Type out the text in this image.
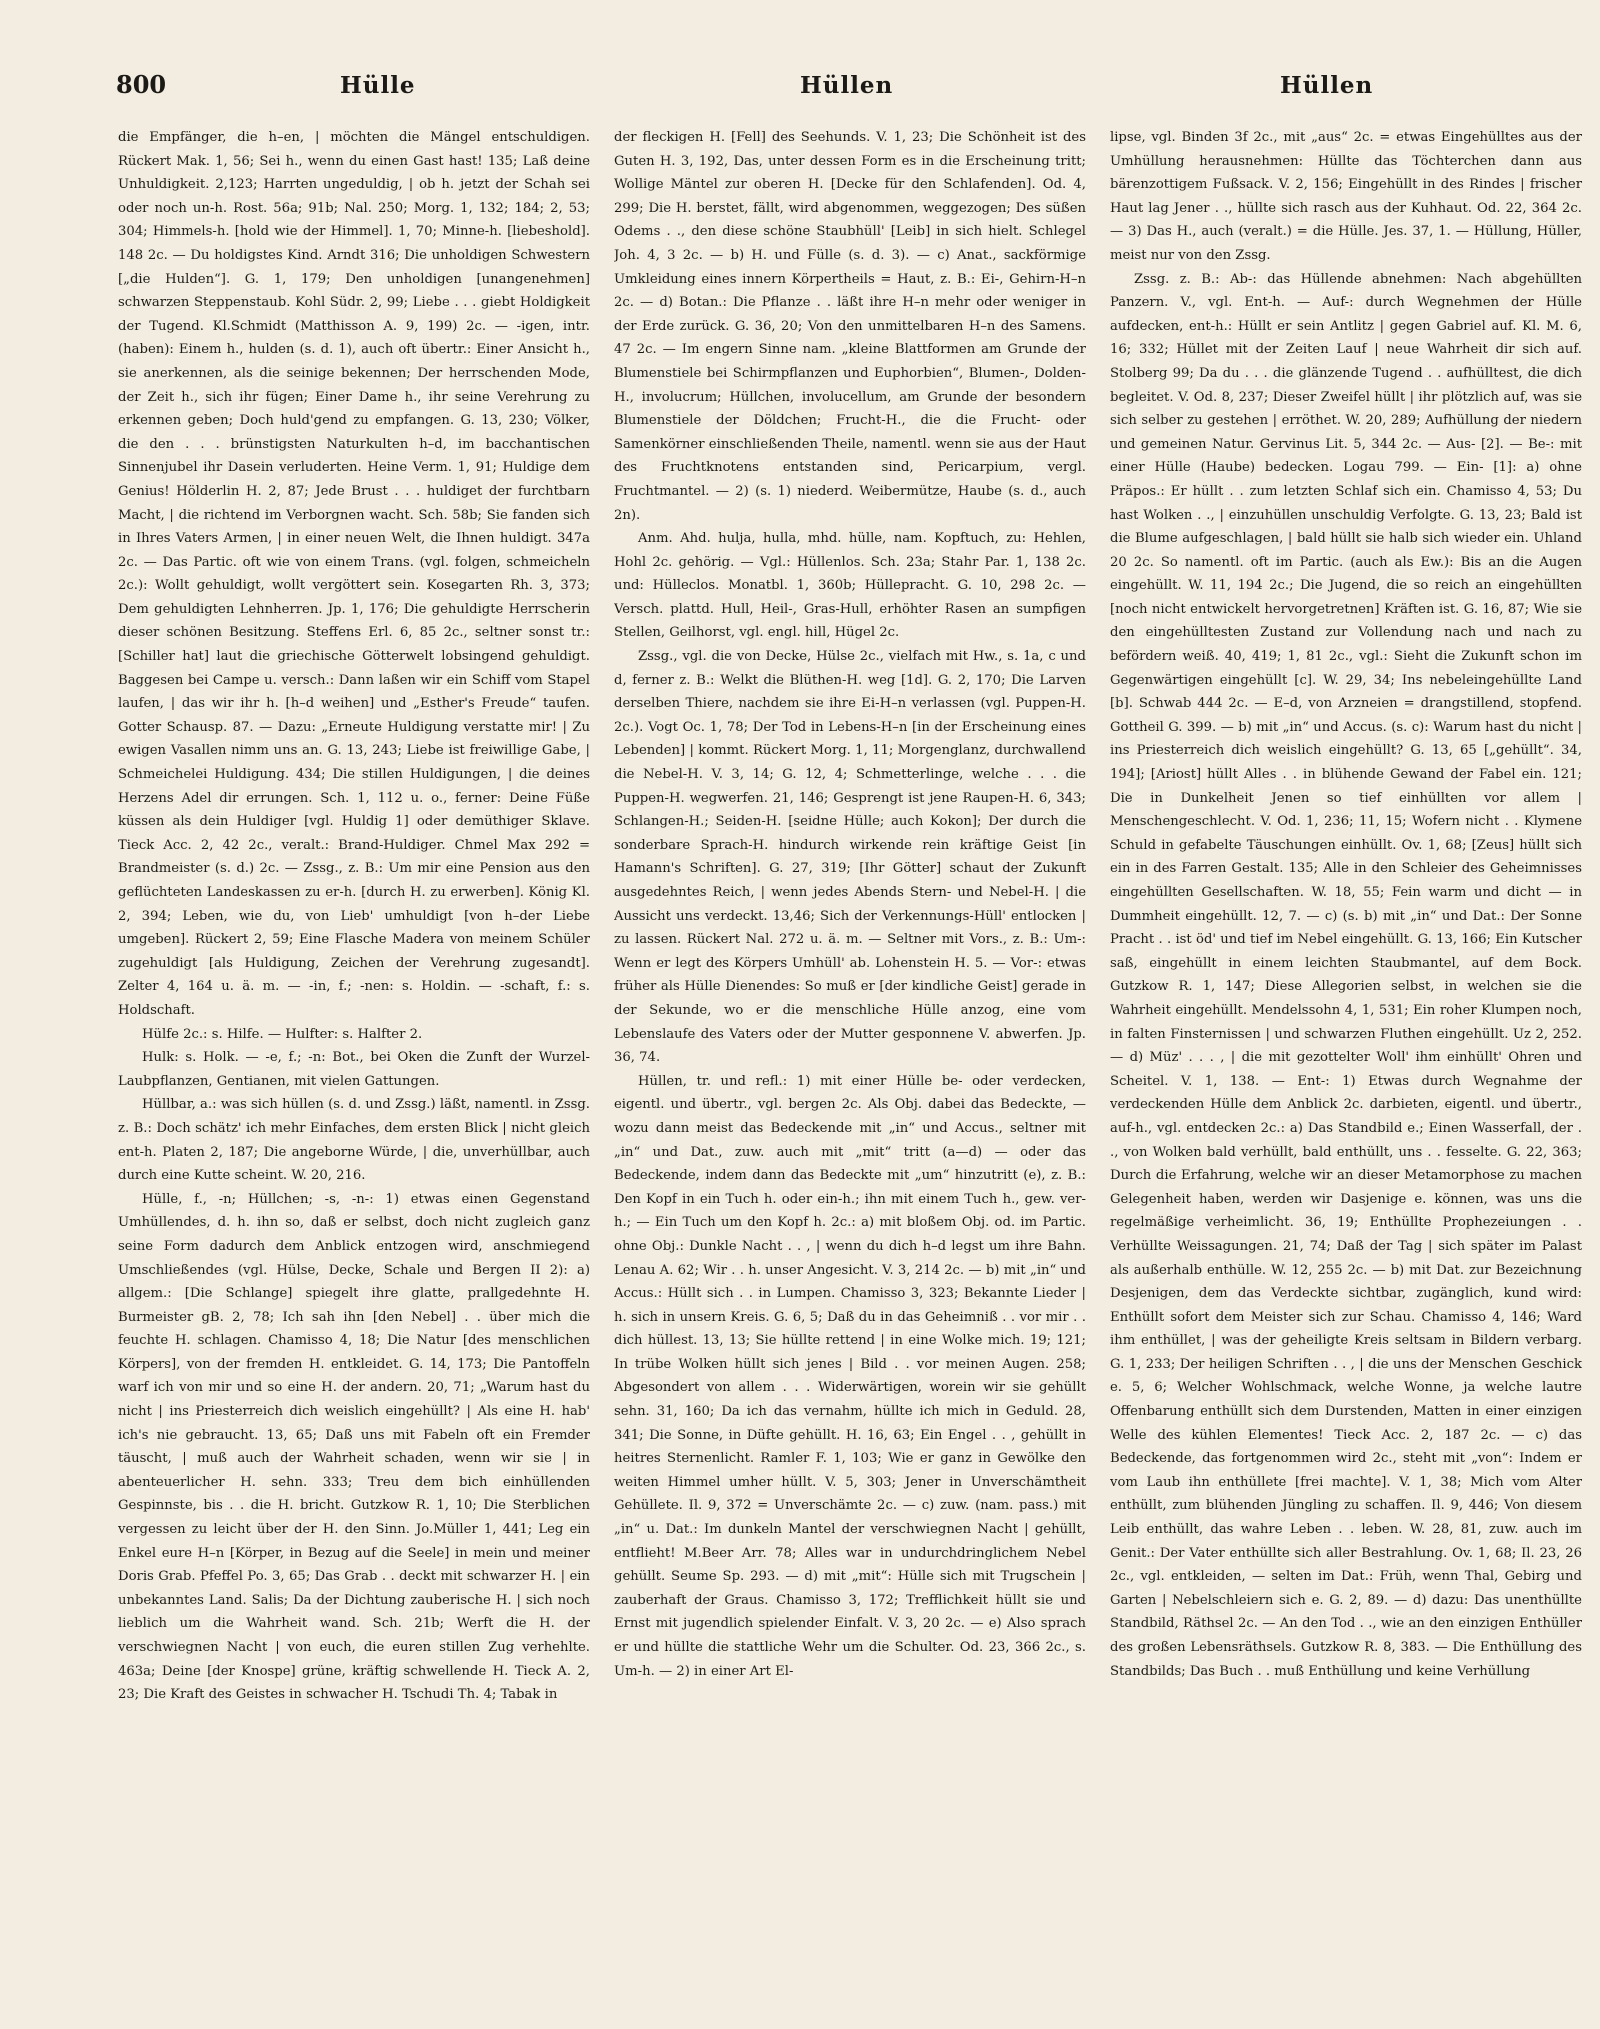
800	Hülle	Hüllen	Hüllen

die Empfänger, die h–en, | möchten die Mängel entschuldigen. Rückert Mak. 1, 56; Sei h., wenn du einen Gast hast! 135; Laß deine Unhuldigkeit. 2,123; Harrten ungeduldig, | ob h. jetzt der Schah sei oder noch un-h. Rost. 56a; 91b; Nal. 250; Morg. 1, 132; 184; 2, 53; 304; Himmels-h. [hold wie der Himmel]. 1, 70; Minne-h. [liebeshold]. 148 2c. — Du holdigstes Kind. Arndt 316; Die unholdigen Schwestern [„die Hulden“]. G. 1, 179; Den unholdigen [unangenehmen] schwarzen Steppenstaub. Kohl Südr. 2, 99; Liebe . . . giebt Holdigkeit der Tugend. Kl.Schmidt (Matthisson A. 9, 199) 2c. — -igen, intr.(haben): Einem h., hulden (s. d. 1), auch oft übertr.: Einer Ansicht h., sie anerkennen, als die seinige bekennen; Der herrschenden Mode, der Zeit h., sich ihr fügen; Einer Dame h., ihr seine Verehrung zu erkennen geben; Doch huld'gend zu empfangen. G. 13, 230; Völker, die den . . . brünstigsten Naturkulten h–d, im bacchantischen Sinnenjubel ihr Dasein verluderten. Heine Verm. 1, 91; Huldige dem Genius! Hölderlin H. 2, 87; Jede Brust . . . huldiget der furchtbarn Macht, | die richtend im Verborgnen wacht. Sch. 58b; Sie fanden sich in Ihres Vaters Armen, | in einer neuen Welt, die Ihnen huldigt. 347a 2c. — Das Partic. oft wie von einem Trans. (vgl. folgen, schmeicheln 2c.): Wollt gehuldigt, wollt vergöttert sein. Kosegarten Rh. 3, 373; Dem gehuldigten Lehnherren. Jp. 1, 176; Die gehuldigte Herrscherin dieser schönen Besitzung. Steffens Erl. 6, 85 2c., seltner sonst tr.: [Schiller hat] laut die griechische Götterwelt lobsingend gehuldigt. Baggesen bei Campe u. versch.: Dann laßen wir ein Schiff vom Stapel laufen, | das wir ihr h. [h–d weihen] und „Esther's Freude“ taufen. Gotter Schausp. 87. — Dazu: „Erneute Huldigung verstatte mir! | Zu ewigen Vasallen nimm uns an. G. 13, 243; Liebe ist freiwillige Gabe, | Schmeichelei Huldigung. 434; Die stillen Huldigungen, | die deines Herzens Adel dir errungen. Sch. 1, 112 u. o., ferner: Deine Füße küssen als dein Huldiger [vgl. Huldig 1] oder demüthiger Sklave. Tieck Acc. 2, 42 2c., veralt.: Brand-Huldiger. Chmel Max 292 = Brandmeister (s. d.) 2c. — Zssg., z. B.: Um mir eine Pension aus den geflüchteten Landeskassen zu er-h. [durch H. zu erwerben]. König Kl. 2, 394; Leben, wie du, von Lieb' umhuldigt [von h–der Liebe umgeben]. Rückert 2, 59; Eine Flasche Madera von meinem Schüler zugehuldigt [als Huldigung, Zeichen der Verehrung zugesandt]. Zelter 4, 164 u. ä. m. — -in, f.; -nen: s. Holdin. — -schaft, f.: s. Holdschaft.

Hülfe 2c.: s. Hilfe. — Hulfter: s. Halfter 2.

Hulk: s. Holk. — -e, f.; -n: Bot., bei Oken die Zunft der Wurzel-Laubpflanzen, Gentianen, mit vielen Gattungen.

Hüllbar, a.: was sich hüllen (s. d. und Zssg.) läßt, namentl. in Zssg. z. B.: Doch schätz' ich mehr Einfaches, dem ersten Blick | nicht gleich ent-h. Platen 2, 187; Die angeborne Würde, | die, unverhüllbar, auch durch eine Kutte scheint. W. 20, 216.

Hülle, f., -n; Hüllchen; -s, -n-: 1) etwas einen Gegenstand Umhüllendes, d. h. ihn so, daß er selbst, doch nicht zugleich ganz seine Form dadurch dem Anblick entzogen wird, anschmiegend Umschließendes (vgl. Hülse, Decke, Schale und Bergen II 2): a) allgem.: [Die Schlange] spiegelt ihre glatte, prallgedehnte H. Burmeister gB. 2, 78; Ich sah ihn [den Nebel] . . über mich die feuchte H. schlagen. Chamisso 4, 18; Die Natur [des menschlichen Körpers], von der fremden H. entkleidet. G. 14, 173; Die Pantoffeln warf ich von mir und so eine H. der andern. 20, 71; „Warum hast du nicht | ins Priesterreich dich weislich eingehüllt? | Als eine H. hab' ich's nie gebraucht. 13, 65; Daß uns mit Fabeln oft ein Fremder täuscht, | muß auch der Wahrheit schaden, wenn wir sie | in abenteuerlicher H. sehn. 333; Treu dem bich einhüllenden Gespinnste, bis . . die H. bricht. Gutzkow R. 1, 10; Die Sterblichen vergessen zu leicht über der H. den Sinn. Jo.Müller 1, 441; Leg ein Enkel eure H–n [Körper, in Bezug auf die Seele] in mein und meiner Doris Grab. Pfeffel Po. 3, 65; Das Grab . . deckt mit schwarzer H. | ein unbekanntes Land. Salis; Da der Dichtung zauberische H. | sich noch lieblich um die Wahrheit wand. Sch. 21b; Werft die H. der verschwiegnen Nacht | von euch, die euren stillen Zug verhehlte. 463a; Deine [der Knospe] grüne, kräftig schwellende H. Tieck A. 2, 23; Die Kraft des Geistes in schwacher H. Tschudi Th. 4; Tabak in

der fleckigen H. [Fell] des Seehunds. V. 1, 23; Die Schönheit ist des Guten H. 3, 192, Das, unter dessen Form es in die Erscheinung tritt; Wollige Mäntel zur oberen H. [Decke für den Schlafenden]. Od. 4, 299; Die H. berstet, fällt, wird abgenommen, weggezogen; Des süßen Odems . ., den diese schöne Staubhüll' [Leib] in sich hielt. Schlegel Joh. 4, 3 2c. — b) H. und Fülle (s. d. 3). — c) Anat., sackförmige Umkleidung eines innern Körpertheils = Haut, z. B.: Ei-, Gehirn-H–n 2c. — d) Botan.: Die Pflanze . . läßt ihre H–n mehr oder weniger in der Erde zurück. G. 36, 20; Von den unmittelbaren H–n des Samens. 47 2c. — Im engern Sinne nam. „kleine Blattformen am Grunde der Blumenstiele bei Schirmpflanzen und Euphorbien“, Blumen-, Dolden-H., involucrum; Hüllchen, involucellum, am Grunde der besondern Blumenstiele der Döldchen; Frucht-H., die die Frucht- oder Samenkörner einschließenden Theile, namentl. wenn sie aus der Haut des Fruchtknotens entstanden sind, Pericarpium, vergl. Fruchtmantel. — 2) (s. 1) niederd. Weibermütze, Haube (s. d., auch 2n).

Anm. Ahd. hulja, hulla, mhd. hülle, nam. Kopftuch, zu: Hehlen, Hohl 2c. gehörig. — Vgl.: Hüllenlos. Sch. 23a; Stahr Par. 1, 138 2c. und: Hülleclos. Monatbl. 1, 360b; Hüllepracht. G. 10, 298 2c. — Versch. plattd. Hull, Heil-, Gras-Hull, erhöhter Rasen an sumpfigen Stellen, Geilhorst, vgl. engl. hill, Hügel 2c.

Zssg., vgl. die von Decke, Hülse 2c., vielfach mit Hw., s. 1a, c und d, ferner z. B.: Welkt die Blüthen-H. weg [1d]. G. 2, 170; Die Larven derselben Thiere, nachdem sie ihre Ei-H–n verlassen (vgl. Puppen-H. 2c.). Vogt Oc. 1, 78; Der Tod in Lebens-H–n [in der Erscheinung eines Lebenden] | kommt. Rückert Morg. 1, 11; Morgenglanz, durchwallend die Nebel-H. V. 3, 14; G. 12, 4; Schmetterlinge, welche . . . die Puppen-H. wegwerfen. 21, 146; Gesprengt ist jene Raupen-H. 6, 343; Schlangen-H.; Seiden-H. [seidne Hülle; auch Kokon]; Der durch die sonderbare Sprach-H. hindurch wirkende rein kräftige Geist [in Hamann's Schriften]. G. 27, 319; [Ihr Götter] schaut der Zukunft ausgedehntes Reich, | wenn jedes Abends Stern- und Nebel-H. | die Aussicht uns verdeckt. 13,46; Sich der Verkennungs-Hüll' entlocken | zu lassen. Rückert Nal. 272 u. ä. m. — Seltner mit Vors., z. B.: Um-: Wenn er legt des Körpers Umhüll' ab. Lohenstein H. 5. — Vor-: etwas früher als Hülle Dienendes: So muß er [der kindliche Geist] gerade in der Sekunde, wo er die menschliche Hülle anzog, eine vom Lebenslaufe des Vaters oder der Mutter gesponnene V. abwerfen. Jp. 36, 74.

Hüllen, tr. und refl.: 1) mit einer Hülle be- oder verdecken, eigentl. und übertr., vgl. bergen 2c. Als Obj. dabei das Bedeckte, — wozu dann meist das Bedeckende mit „in“ und Accus., seltner mit „in“ und Dat., zuw. auch mit „mit“ tritt (a—d) — oder das Bedeckende, indem dann das Bedeckte mit „um“ hinzutritt (e), z. B.: Den Kopf in ein Tuch h. oder ein-h.; ihn mit einem Tuch h., gew. ver-h.; — Ein Tuch um den Kopf h. 2c.: a) mit bloßem Obj. od. im Partic. ohne Obj.: Dunkle Nacht . . , | wenn du dich h–d legst um ihre Bahn. Lenau A. 62; Wir . . h. unser Angesicht. V. 3, 214 2c. — b) mit „in“ und Accus.: Hüllt sich . . in Lumpen. Chamisso 3, 323; Bekannte Lieder | h. sich in unsern Kreis. G. 6, 5; Daß du in das Geheimniß . . vor mir . . dich hüllest. 13, 13; Sie hüllte rettend | in eine Wolke mich. 19; 121; In trübe Wolken hüllt sich jenes | Bild . . vor meinen Augen. 258; Abgesondert von allem . . . Widerwärtigen, worein wir sie gehüllt sehn. 31, 160; Da ich das vernahm, hüllte ich mich in Geduld. 28, 341; Die Sonne, in Düfte gehüllt. H. 16, 63; Ein Engel . . , gehüllt in heitres Sternenlicht. Ramler F. 1, 103; Wie er ganz in Gewölke den weiten Himmel umher hüllt. V. 5, 303; Jener in Unverschämtheit Gehüllete. Il. 9, 372 = Unverschämte 2c. — c) zuw. (nam. pass.) mit „in“ u. Dat.: Im dunkeln Mantel der verschwiegnen Nacht | gehüllt, entflieht! M.Beer Arr. 78; Alles war in undurchdringlichem Nebel gehüllt. Seume Sp. 293. — d) mit „mit“: Hülle sich mit Trugschein | zauberhaft der Graus. Chamisso 3, 172; Trefflichkeit hüllt sie und Ernst mit jugendlich spielender Einfalt. V. 3, 20 2c. — e) Also sprach er und hüllte die stattliche Wehr um die Schulter. Od. 23, 366 2c., s. Um-h. — 2) in einer Art El-

lipse, vgl. Binden 3f 2c., mit „aus“ 2c. = etwas Eingehülltes aus der Umhüllung herausnehmen: Hüllte das Töchterchen dann aus bärenzottigem Fußsack. V. 2, 156; Eingehüllt in des Rindes | frischer Haut lag Jener . ., hüllte sich rasch aus der Kuhhaut. Od. 22, 364 2c. — 3) Das H., auch (veralt.) = die Hülle. Jes. 37, 1. — Hüllung, Hüller, meist nur von den Zssg.

Zssg. z. B.: Ab-: das Hüllende abnehmen: Nach abgehüllten Panzern. V., vgl. Ent-h. — Auf-: durch Wegnehmen der Hülle aufdecken, ent-h.: Hüllt er sein Antlitz | gegen Gabriel auf. Kl. M. 6, 16; 332; Hüllet mit der Zeiten Lauf | neue Wahrheit dir sich auf. Stolberg 99; Da du . . . die glänzende Tugend . . aufhülltest, die dich begleitet. V. Od. 8, 237; Dieser Zweifel hüllt | ihr plötzlich auf, was sie sich selber zu gestehen | erröthet. W. 20, 289; Aufhüllung der niedern und gemeinen Natur. Gervinus Lit. 5, 344 2c. — Aus- [2]. — Be-: mit einer Hülle (Haube) bedecken. Logau 799. — Ein- [1]: a) ohne Präpos.: Er hüllt . . zum letzten Schlaf sich ein. Chamisso 4, 53; Du hast Wolken . ., | einzuhüllen unschuldig Verfolgte. G. 13, 23; Bald ist die Blume aufgeschlagen, | bald hüllt sie halb sich wieder ein. Uhland 20 2c. So namentl. oft im Partic. (auch als Ew.): Bis an die Augen eingehüllt. W. 11, 194 2c.; Die Jugend, die so reich an eingehüllten [noch nicht entwickelt hervorgetretnen] Kräften ist. G. 16, 87; Wie sie den eingehülltesten Zustand zur Vollendung nach und nach zu befördern weiß. 40, 419; 1, 81 2c., vgl.: Sieht die Zukunft schon im Gegenwärtigen eingehüllt [c]. W. 29, 34; Ins nebeleingehüllte Land [b]. Schwab 444 2c. — E–d, von Arzneien = drangstillend, stopfend. Gottheil G. 399. — b) mit „in“ und Accus. (s. c): Warum hast du nicht | ins Priesterreich dich weislich eingehüllt? G. 13, 65 [„gehüllt“. 34, 194]; [Ariost] hüllt Alles . . in blühende Gewand der Fabel ein. 121; Die in Dunkelheit Jenen so tief einhüllten vor allem | Menschengeschlecht. V. Od. 1, 236; 11, 15; Wofern nicht . . Klymene Schuld in gefabelte Täuschungen einhüllt. Ov. 1, 68; [Zeus] hüllt sich ein in des Farren Gestalt. 135; Alle in den Schleier des Geheimnisses eingehüllten Gesellschaften. W. 18, 55; Fein warm und dicht — in Dummheit eingehüllt. 12, 7. — c) (s. b) mit „in“ und Dat.: Der Sonne Pracht . . ist öd' und tief im Nebel eingehüllt. G. 13, 166; Ein Kutscher saß, eingehüllt in einem leichten Staubmantel, auf dem Bock. Gutzkow R. 1, 147; Diese Allegorien selbst, in welchen sie die Wahrheit eingehüllt. Mendelssohn 4, 1, 531; Ein roher Klumpen noch, in falten Finsternissen | und schwarzen Fluthen eingehüllt. Uz 2, 252. — d) Müz' . . . , | die mit gezottelter Woll' ihm einhüllt' Ohren und Scheitel. V. 1, 138. — Ent-: 1) Etwas durch Wegnahme der verdeckenden Hülle dem Anblick 2c. darbieten, eigentl. und übertr., auf-h., vgl. entdecken 2c.: a) Das Standbild e.; Einen Wasserfall, der . ., von Wolken bald verhüllt, bald enthüllt, uns . . fesselte. G. 22, 363; Durch die Erfahrung, welche wir an dieser Metamorphose zu machen Gelegenheit haben, werden wir Dasjenige e. können, was uns die regelmäßige verheimlicht. 36, 19; Enthüllte Prophezeiungen . . Verhüllte Weissagungen. 21, 74; Daß der Tag | sich später im Palast als außerhalb enthülle. W. 12, 255 2c. — b) mit Dat. zur Bezeichnung Desjenigen, dem das Verdeckte sichtbar, zugänglich, kund wird: Enthüllt sofort dem Meister sich zur Schau. Chamisso 4, 146; Ward ihm enthüllet, | was der geheiligte Kreis seltsam in Bildern verbarg. G. 1, 233; Der heiligen Schriften . . , | die uns der Menschen Geschick e. 5, 6; Welcher Wohlschmack, welche Wonne, ja welche lautre Offenbarung enthüllt sich dem Durstenden, Matten in einer einzigen Welle des kühlen Elementes! Tieck Acc. 2, 187 2c. — c) das Bedeckende, das fortgenommen wird 2c., steht mit „von“: Indem er vom Laub ihn enthüllete [frei machte]. V. 1, 38; Mich vom Alter enthüllt, zum blühenden Jüngling zu schaffen. Il. 9, 446; Von diesem Leib enthüllt, das wahre Leben . . leben. W. 28, 81, zuw. auch im Genit.: Der Vater enthüllte sich aller Bestrahlung. Ov. 1, 68; Il. 23, 26 2c., vgl. entkleiden, — selten im Dat.: Früh, wenn Thal, Gebirg und Garten | Nebelschleiern sich e. G. 2, 89. — d) dazu: Das unenthüllte Standbild, Räthsel 2c. — An den Tod . ., wie an den einzigen Enthüller des großen Lebensräthsels. Gutzkow R. 8, 383. — Die Enthüllung des Standbilds; Das Buch . . muß Enthüllung und keine Verhüllung
